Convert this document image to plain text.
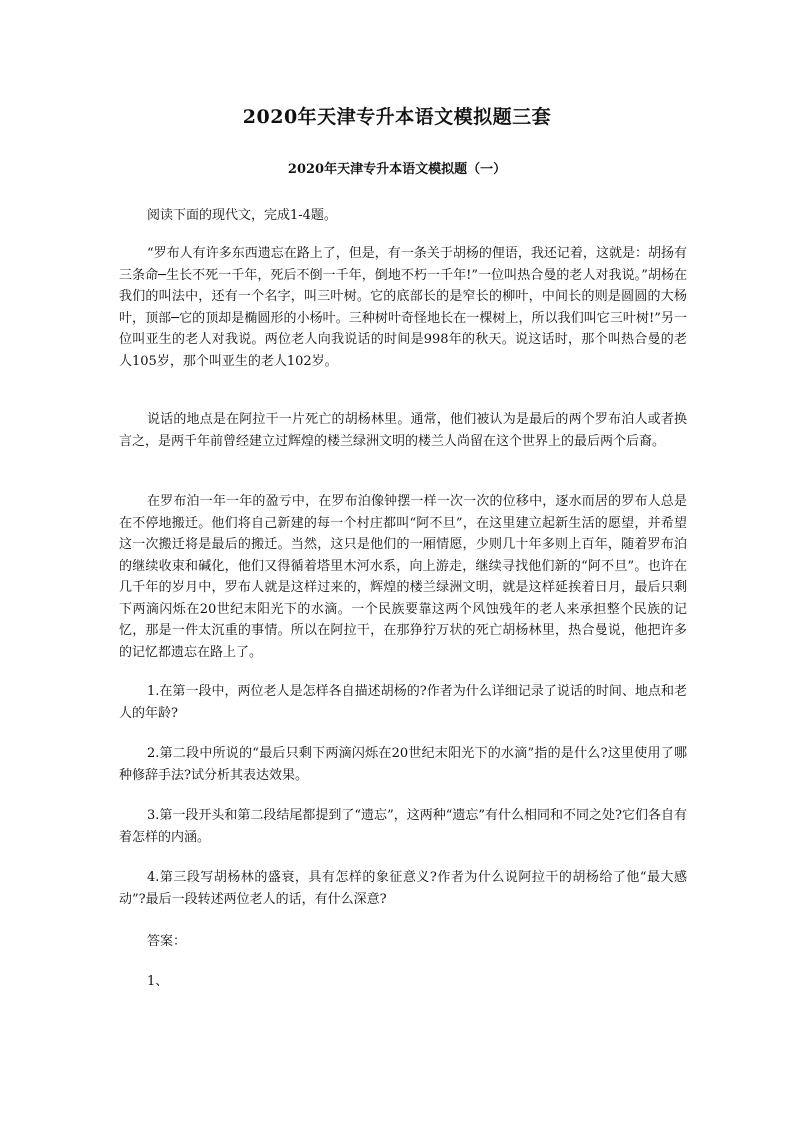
2020年天津专升本语文模拟题三套
2020年天津专升本语文模拟题（一）

阅读下面的现代文，完成1-4题。

“罗布人有许多东西遗忘在路上了，但是，有一条关于胡杨的俚语，我还记着，这就是：胡扬有三条命─生长不死一千年，死后不倒一千年，倒地不朽一千年!”一位叫热合曼的老人对我说。”胡杨在我们的叫法中，还有一个名字，叫三叶树。它的底部长的是窄长的柳叶，中间长的则是圆圆的大杨叶，顶部─它的顶却是椭圆形的小杨叶。三种树叶奇怪地长在一棵树上，所以我们叫它三叶树!”另一位叫亚生的老人对我说。两位老人向我说话的时间是998年的秋天。说这话时，那个叫热合曼的老人105岁，那个叫亚生的老人102岁。

说话的地点是在阿拉干一片死亡的胡杨林里。通常，他们被认为是最后的两个罗布泊人或者换言之，是两千年前曾经建立过辉煌的楼兰绿洲文明的楼兰人尚留在这个世界上的最后两个后裔。

在罗布泊一年一年的盈亏中，在罗布泊像钟摆一样一次一次的位移中，逐水而居的罗布人总是在不停地搬迁。他们将自己新建的每一个村庄都叫“阿不旦”，在这里建立起新生活的愿望，并希望这一次搬迁将是最后的搬迁。当然，这只是他们的一厢情愿，少则几十年多则上百年，随着罗布泊的继续收束和碱化，他们又得循着塔里木河水系，向上游走，继续寻找他们新的“阿不旦”。也许在几千年的岁月中，罗布人就是这样过来的，辉煌的楼兰绿洲文明，就是这样延挨着日月，最后只剩下两滴闪烁在20世纪末阳光下的水滴。一个民族要靠这两个风蚀残年的老人来承担整个民族的记忆，那是一件太沉重的事情。所以在阿拉干，在那狰狞万状的死亡胡杨林里，热合曼说，他把许多的记忆都遗忘在路上了。

1.在第一段中，两位老人是怎样各自描述胡杨的?作者为什么详细记录了说话的时间、地点和老人的年龄?

2.第二段中所说的“最后只剩下两滴闪烁在20世纪末阳光下的水滴”指的是什么?这里使用了哪种修辞手法?试分析其表达效果。

3.第一段开头和第二段结尾都提到了“遗忘”，这两种“遗忘”有什么相同和不同之处?它们各自有着怎样的内涵。

4.第三段写胡杨林的盛衰，具有怎样的象征意义?作者为什么说阿拉干的胡杨给了他“最大感动”?最后一段转述两位老人的话，有什么深意?

答案：

1、
